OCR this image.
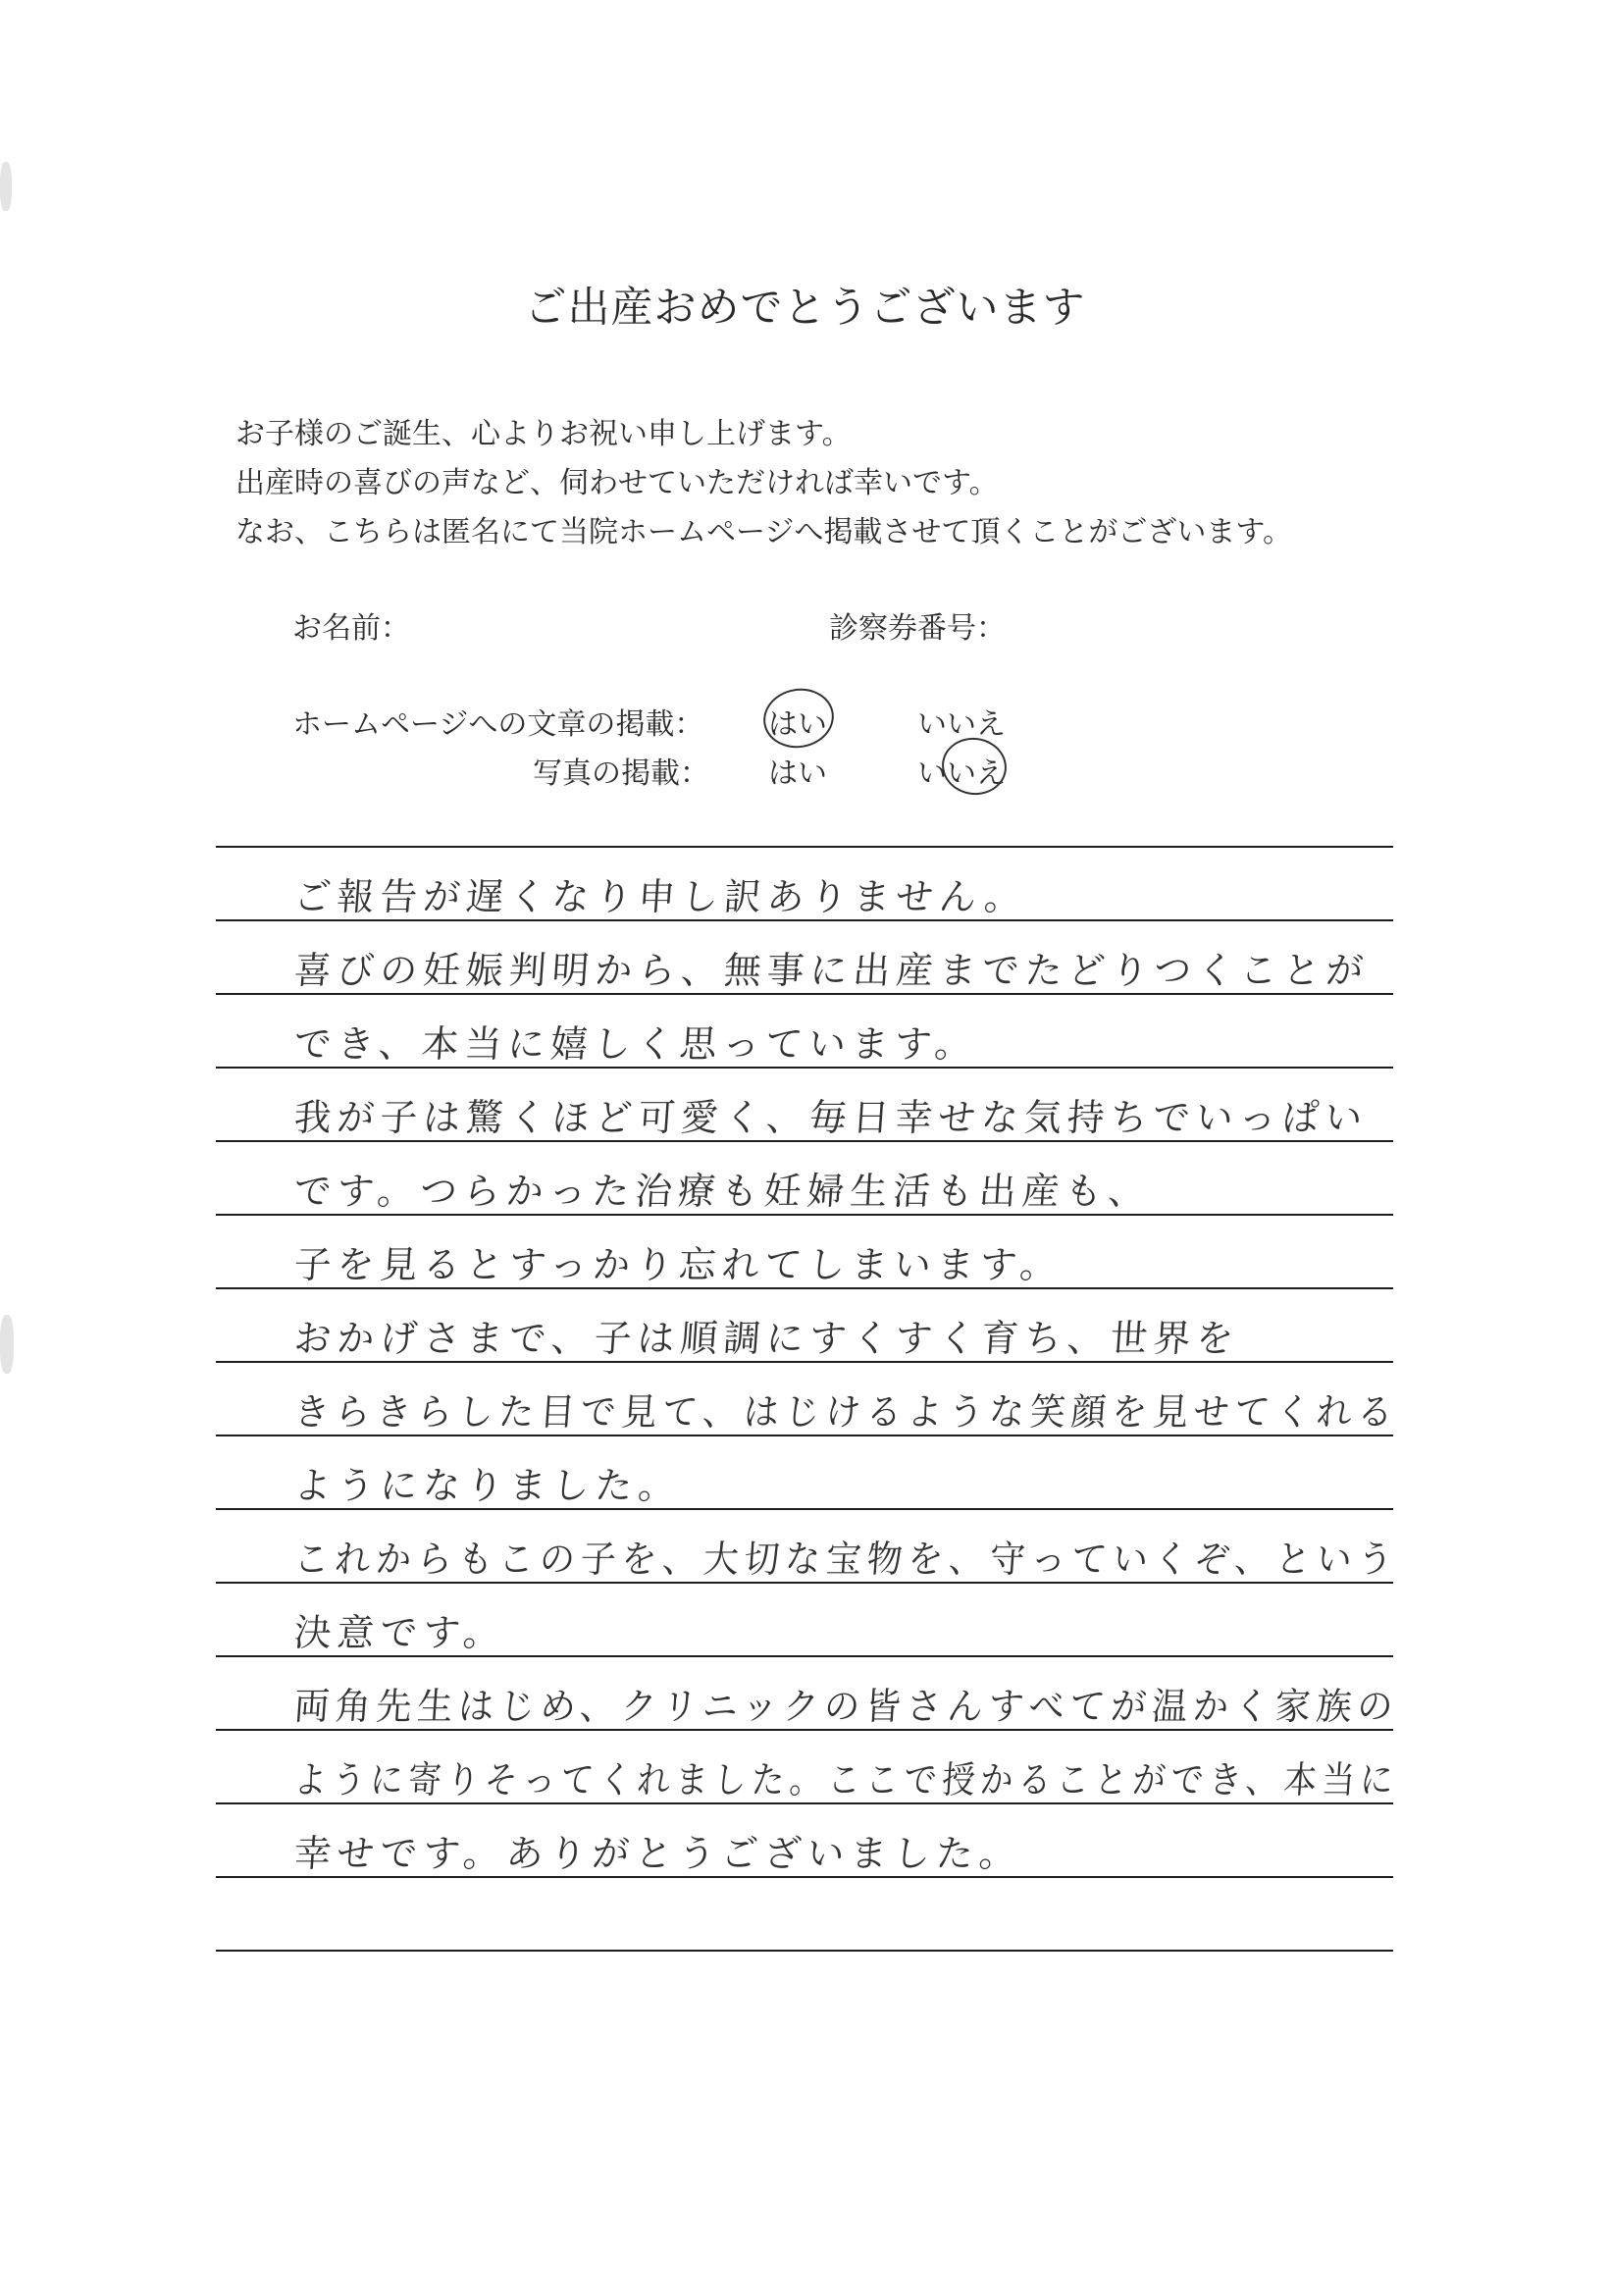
ご出産おめでとうございます
お子様のご誕生、心よりお祝い申し上げます。
出産時の喜びの声など、伺わせていただければ幸いです。
なお、こちらは匿名にて当院ホームページへ掲載させて頂くことがございます。
お名前：	診察券番号：
ホームページへの文章の掲載： はい	いいえ
写真の掲載： はい	いいえ
ご報告が遅くなり申し訳ありません。
喜びの妊娠判明から、無事に出産までたどりつくことが
でき、本当に嬉しく思っています。
我が子は驚くほど可愛く、毎日幸せな気持ちでいっぱい
です。つらかった治療も妊婦生活も出産も、
子を見るとすっかり忘れてしまいます。
おかげさまで、子は順調にすくすく育ち、世界を
きらきらした目で見て、はじけるような笑顔を見せてくれる
ようになりました。
これからもこの子を、大切な宝物を、守っていくぞ、という
決意です。
両角先生はじめ、クリニックの皆さんすべてが温かく家族の
ように寄りそってくれました。ここで授かることができ、本当に
幸せです。ありがとうございました。
